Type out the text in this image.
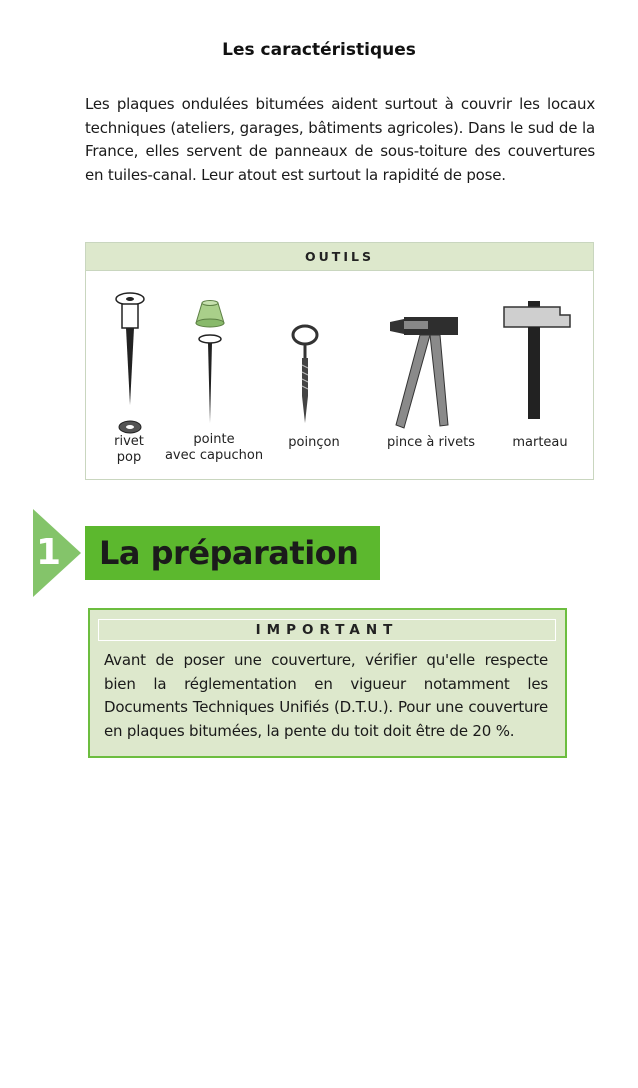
Les caractéristiques
Les plaques ondulées bitumées aident surtout à couvrir les locaux techniques (ateliers, garages, bâtiments agricoles). Dans le sud de la France, elles servent de panneaux de sous-toiture des couvertures en tuiles-canal. Leur atout est surtout la rapidité de pose.
OUTILS
rivet
pop
pointe
avec capuchon
poinçon	pince à rivets	marteau
1	La préparation
IMPORTANT
Avant de poser une couverture, vérifier qu'elle respecte bien la réglementation en vigueur notamment les Documents Techniques Unifiés (D.T.U.). Pour une couverture en plaques bitumées, la pente du toit doit être de 20 %.
